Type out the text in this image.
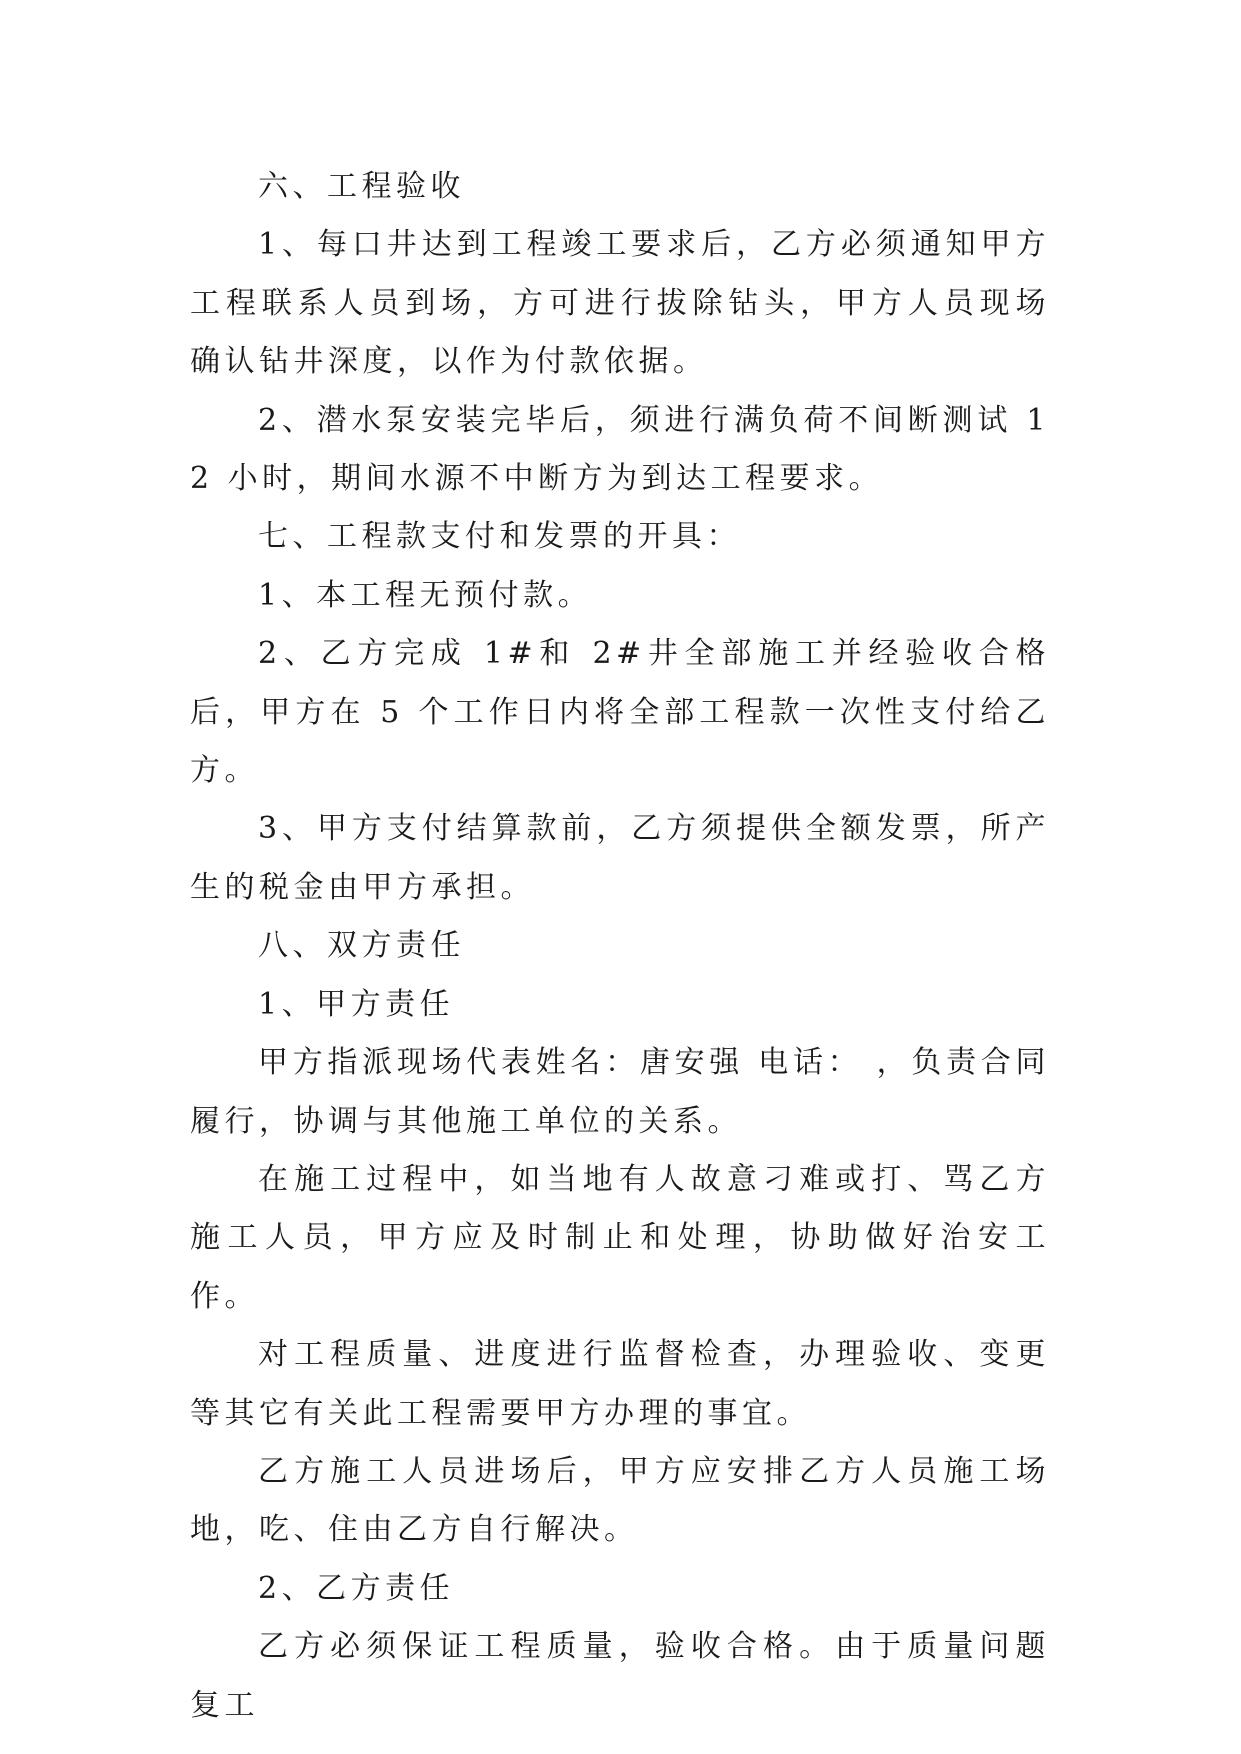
六、工程验收

1、每口井达到工程竣工要求后，乙方必须通知甲方工程联系人员到场，方可进行拔除钻头，甲方人员现场确认钻井深度，以作为付款依据。

2、潜水泵安装完毕后，须进行满负荷不间断测试 12 小时，期间水源不中断方为到达工程要求。

七、工程款支付和发票的开具：

1、本工程无预付款。

2、乙方完成 1#和 2#井全部施工并经验收合格后，甲方在 5 个工作日内将全部工程款一次性支付给乙方。

3、甲方支付结算款前，乙方须提供全额发票，所产生的税金由甲方承担。

八、双方责任

1、甲方责任

甲方指派现场代表姓名：唐安强 电话： ，负责合同履行，协调与其他施工单位的关系。

在施工过程中，如当地有人故意刁难或打、骂乙方施工人员，甲方应及时制止和处理，协助做好治安工作。

对工程质量、进度进行监督检查，办理验收、变更等其它有关此工程需要甲方办理的事宜。

乙方施工人员进场后，甲方应安排乙方人员施工场地，吃、住由乙方自行解决。

2、乙方责任

乙方必须保证工程质量，验收合格。由于质量问题复工
